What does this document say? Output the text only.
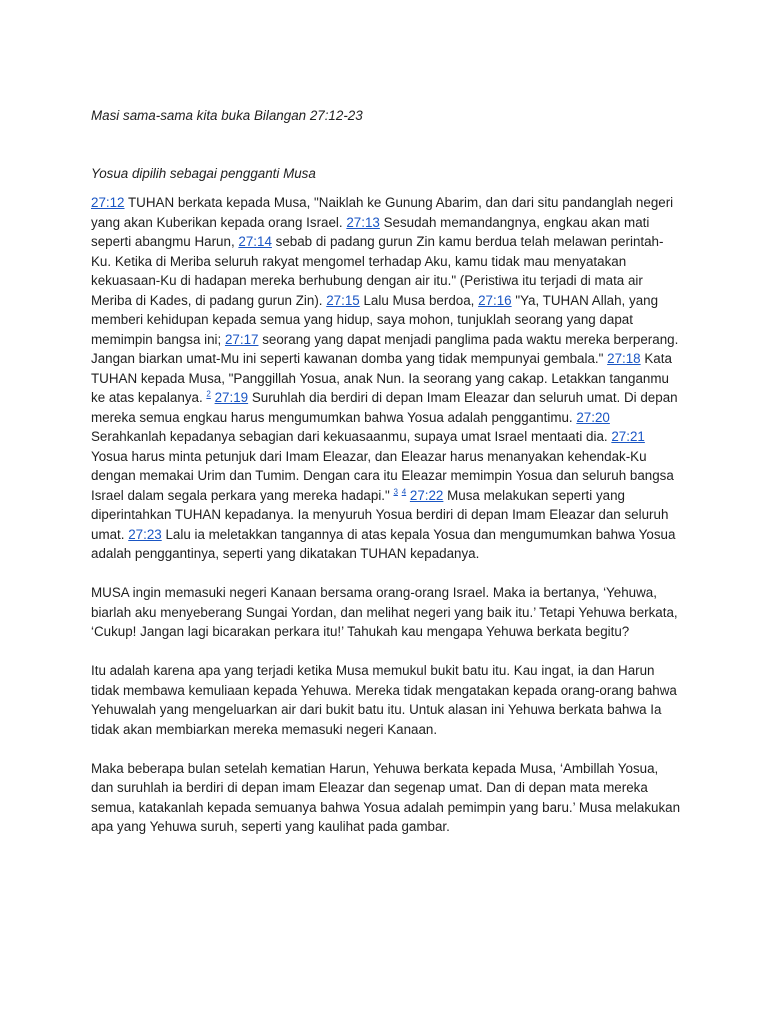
Masi sama-sama kita buka Bilangan 27:12-23

Yosua dipilih sebagai pengganti Musa

27:12 TUHAN berkata kepada Musa, "Naiklah ke Gunung Abarim, dan dari situ pandanglah negeri yang akan Kuberikan kepada orang Israel. 27:13 Sesudah memandangnya, engkau akan mati seperti abangmu Harun, 27:14 sebab di padang gurun Zin kamu berdua telah melawan perintah-Ku. Ketika di Meriba seluruh rakyat mengomel terhadap Aku, kamu tidak mau menyatakan kekuasaan-Ku di hadapan mereka berhubung dengan air itu." (Peristiwa itu terjadi di mata air Meriba di Kades, di padang gurun Zin). 27:15 Lalu Musa berdoa, 27:16 "Ya, TUHAN Allah, yang memberi kehidupan kepada semua yang hidup, saya mohon, tunjuklah seorang yang dapat memimpin bangsa ini; 27:17 seorang yang dapat menjadi panglima pada waktu mereka berperang. Jangan biarkan umat-Mu ini seperti kawanan domba yang tidak mempunyai gembala." 27:18 Kata TUHAN kepada Musa, "Panggillah Yosua, anak Nun. Ia seorang yang cakap. Letakkan tanganmu ke atas kepalanya. $^2$ 27:19 Suruhlah dia berdiri di depan Imam Eleazar dan seluruh umat. Di depan mereka semua engkau harus mengumumkan bahwa Yosua adalah penggantimu. 27:20 Serahkanlah kepadanya sebagian dari kekuasaanmu, supaya umat Israel mentaati dia. 27:21 Yosua harus minta petunjuk dari Imam Eleazar, dan Eleazar harus menanyakan kehendak-Ku dengan memakai Urim dan Tumim. Dengan cara itu Eleazar memimpin Yosua dan seluruh bangsa Israel dalam segala perkara yang mereka hadapi." $^3$ $^4$ 27:22 Musa melakukan seperti yang diperintahkan TUHAN kepadanya. Ia menyuruh Yosua berdiri di depan Imam Eleazar dan seluruh umat. 27:23 Lalu ia meletakkan tangannya di atas kepala Yosua dan mengumumkan bahwa Yosua adalah penggantinya, seperti yang dikatakan TUHAN kepadanya.

MUSA ingin memasuki negeri Kanaan bersama orang-orang Israel. Maka ia bertanya, ‘Yehuwa, biarlah aku menyeberang Sungai Yordan, dan melihat negeri yang baik itu.’ Tetapi Yehuwa berkata, ‘Cukup! Jangan lagi bicarakan perkara itu!’ Tahukah kau mengapa Yehuwa berkata begitu?

Itu adalah karena apa yang terjadi ketika Musa memukul bukit batu itu. Kau ingat, ia dan Harun tidak membawa kemuliaan kepada Yehuwa. Mereka tidak mengatakan kepada orang-orang bahwa Yehuwalah yang mengeluarkan air dari bukit batu itu. Untuk alasan ini Yehuwa berkata bahwa Ia tidak akan membiarkan mereka memasuki negeri Kanaan.

Maka beberapa bulan setelah kematian Harun, Yehuwa berkata kepada Musa, ‘Ambillah Yosua, dan suruhlah ia berdiri di depan imam Eleazar dan segenap umat. Dan di depan mata mereka semua, katakanlah kepada semuanya bahwa Yosua adalah pemimpin yang baru.’ Musa melakukan apa yang Yehuwa suruh, seperti yang kaulihat pada gambar.
